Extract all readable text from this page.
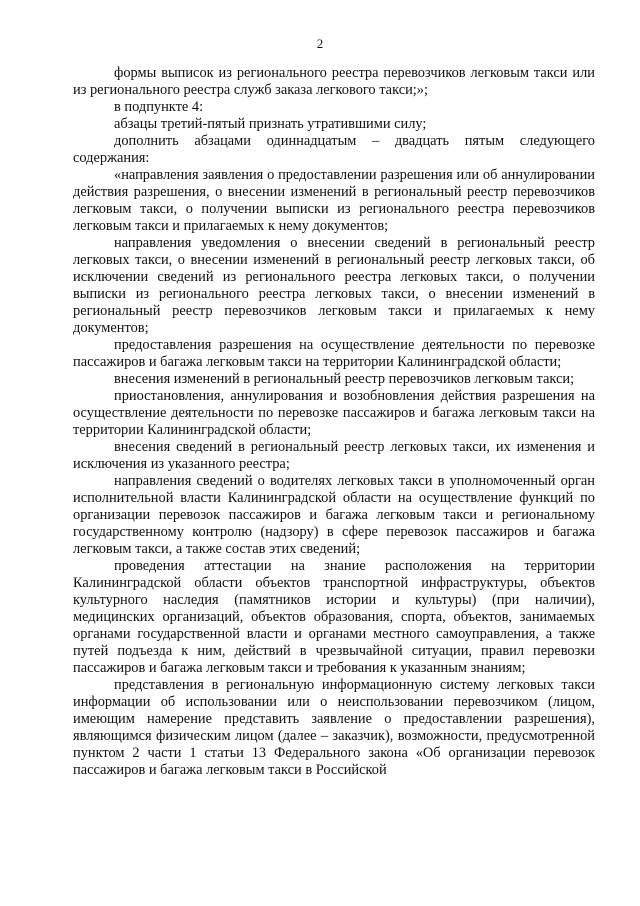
2

формы выписок из регионального реестра перевозчиков легковым такси или из регионального реестра служб заказа легкового такси;»;

в подпункте 4:

абзацы третий-пятый признать утратившими силу;

дополнить абзацами одиннадцатым – двадцать пятым следующего содержания:

«направления заявления о предоставлении разрешения или об аннулировании действия разрешения, о внесении изменений в региональный реестр перевозчиков легковым такси, о получении выписки из регионального реестра перевозчиков легковым такси и прилагаемых к нему документов;

направления уведомления о внесении сведений в региональный реестр легковых такси, о внесении изменений в региональный реестр легковых такси, об исключении сведений из регионального реестра легковых такси, о получении выписки из регионального реестра легковых такси, о внесении изменений в региональный реестр перевозчиков легковым такси и прилагаемых к нему документов;

предоставления разрешения на осуществление деятельности по перевозке пассажиров и багажа легковым такси на территории Калининградской области;

внесения изменений в региональный реестр перевозчиков легковым такси;

приостановления, аннулирования и возобновления действия разрешения на осуществление деятельности по перевозке пассажиров и багажа легковым такси на территории Калининградской области;

внесения сведений в региональный реестр легковых такси, их изменения и исключения из указанного реестра;

направления сведений о водителях легковых такси в уполномоченный орган исполнительной власти Калининградской области на осуществление функций по организации перевозок пассажиров и багажа легковым такси и региональному государственному контролю (надзору) в сфере перевозок пассажиров и багажа легковым такси, а также состав этих сведений;

проведения аттестации на знание расположения на территории Калининградской области объектов транспортной инфраструктуры, объектов культурного наследия (памятников истории и культуры) (при наличии), медицинских организаций, объектов образования, спорта, объектов, занимаемых органами государственной власти и органами местного самоуправления, а также путей подъезда к ним, действий в чрезвычайной ситуации, правил перевозки пассажиров и багажа легковым такси и требования к указанным знаниям;

представления в региональную информационную систему легковых такси информации об использовании или о неиспользовании перевозчиком (лицом, имеющим намерение представить заявление о предоставлении разрешения), являющимся физическим лицом (далее – заказчик), возможности, предусмотренной пунктом 2 части 1 статьи 13 Федерального закона «Об организации перевозок пассажиров и багажа легковым такси в Российской
